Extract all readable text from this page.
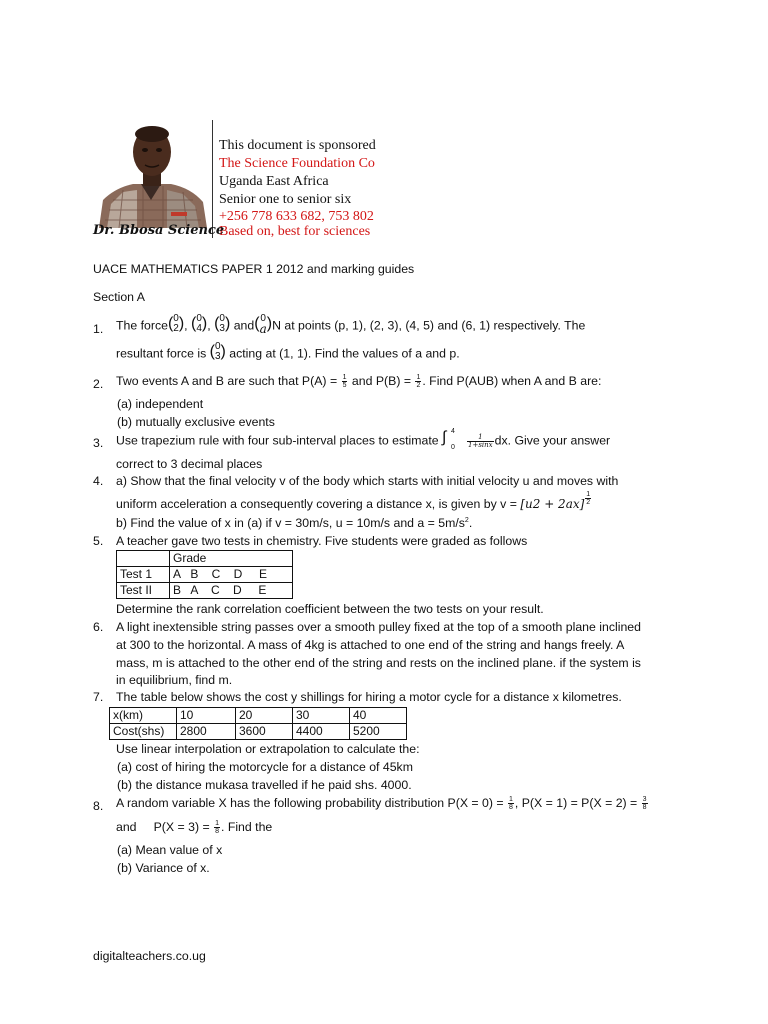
This document is sponsored
The Science Foundation Co
Uganda East Africa
Senior one to senior six
+256 778 633 682, 753 802
Based on, best for sciences
Dr. Bbosa Science
UACE MATHEMATICS PAPER 1 2012 and marking guides
Section A
1. The force( 0
2 ), ( 0
4 ), ( 0
3 ) and( 0
a )N at points (p, 1), (2, 3), (4, 5) and (6, 1) respectively. The
resultant force is ( 0
3 ) acting at (1, 1). Find the values of a and p.
2. Two events A and B are such that $P(A) = \frac{1}{5}$ and $P(B) = \frac{1}{2}$ . Find P(AUB) when A and B are:
(a) independent
(b) mutually exclusive events
3. Use trapezium rule with four sub-interval places to estimate ∫ 4
$0 \frac{1}{1+\sin x}$ dx. Give your answer
correct to 3 decimal places
4. a) Show that the final velocity v of the body which starts with initial velocity u and moves with
uniform acceleration a consequently covering a distance x, is given by $v = [u2 + 2ax] \frac{1}{2}$
b) Find the value of x in (a) if v = 30m/s, u = 10m/s and $a = 5m/s^2$.
5. A teacher gave two tests in chemistry. Five students were graded as follows
	Grade
Test 1	A   B    C    D     E
Test II	B   A    C    D     E
Determine the rank correlation coefficient between the two tests on your result.
6. A light inextensible string passes over a smooth pulley fixed at the top of a smooth plane inclined
at 300 to the horizontal. A mass of 4kg is attached to one end of the string and hangs freely. A
mass, m is attached to the other end of the string and rests on the inclined plane. if the system is
in equilibrium, find m.
7. The table below shows the cost y shillings for hiring a motor cycle for a distance x kilometres.
x(km)	10	20	30	40
Cost(shs)	2800	3600	4400	5200
Use linear interpolation or extrapolation to calculate the:
(a) cost of hiring the motorcycle for a distance of 45km
(b) the distance mukasa travelled if he paid shs. 4000.
8. A random variable X has the following probability distribution $P(X = 0) = \frac{1}{8}$ , $P(X = 1) = P(X = 2) = \frac{3}{8}$
and     $P(X = 3) = \frac{1}{8}$ . Find the
(a) Mean value of x
(b) Variance of x.
digitalteachers.co.ug
